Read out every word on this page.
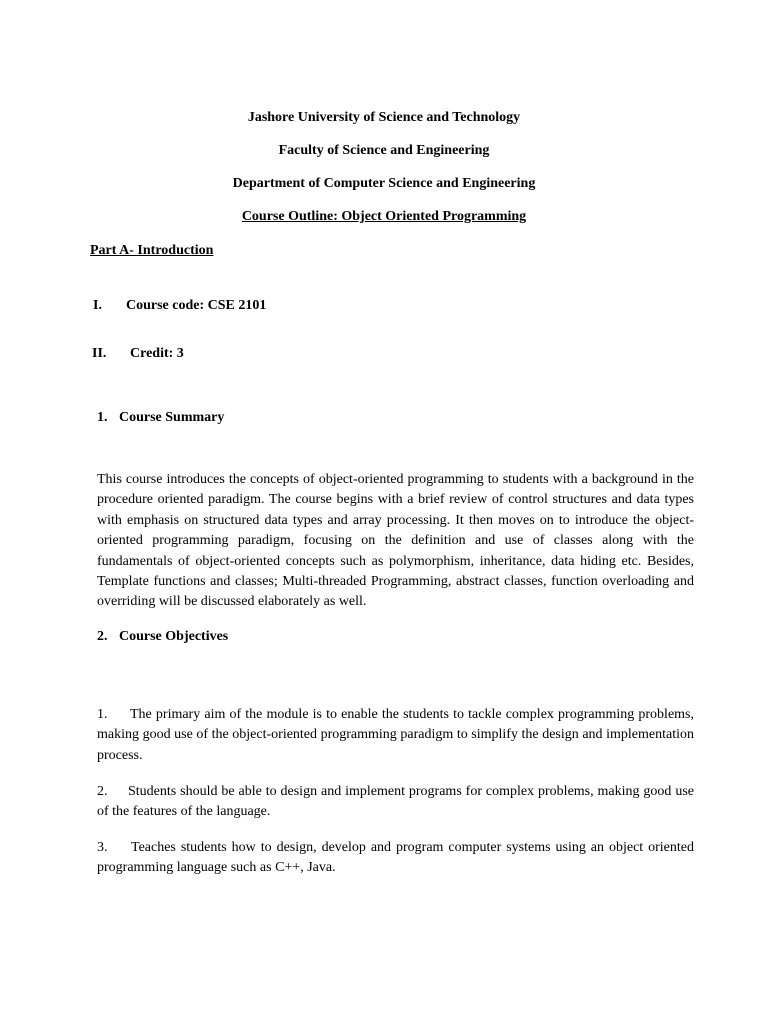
Jashore University of Science and Technology
Faculty of Science and Engineering
Department of Computer Science and Engineering
Course Outline: Object Oriented Programming
Part A- Introduction
I. Course code: CSE 2101
II. Credit: 3
1. Course Summary
This course introduces the concepts of object-oriented programming to students with a background in the procedure oriented paradigm. The course begins with a brief review of control structures and data types with emphasis on structured data types and array processing. It then moves on to introduce the object-oriented programming paradigm, focusing on the definition and use of classes along with the fundamentals of object-oriented concepts such as polymorphism, inheritance, data hiding etc. Besides, Template functions and classes; Multi-threaded Programming, abstract classes, function overloading and overriding will be discussed elaborately as well.
2. Course Objectives
1. The primary aim of the module is to enable the students to tackle complex programming problems, making good use of the object-oriented programming paradigm to simplify the design and implementation process.
2. Students should be able to design and implement programs for complex problems, making good use of the features of the language.
3. Teaches students how to design, develop and program computer systems using an object oriented programming language such as C++, Java.
